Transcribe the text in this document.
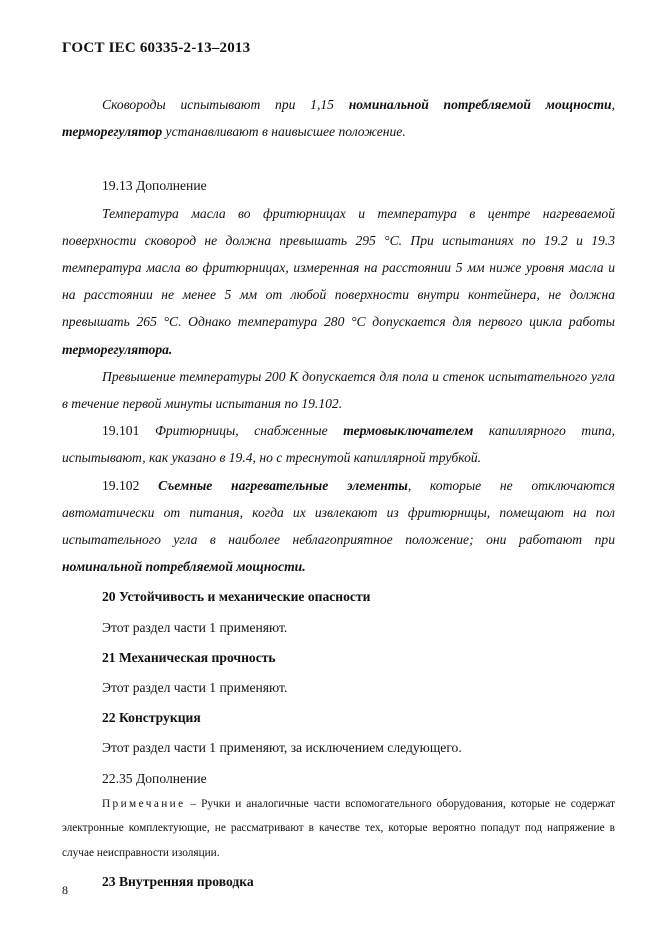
ГОСТ IEC 60335-2-13–2013

Сковороды испытывают при 1,15 номинальной потребляемой мощности, терморегулятор устанавливают в наивысшее положение.

19.13 Дополнение

Температура масла во фритюрницах и температура в центре нагреваемой поверхности сковород не должна превышать 295 °C. При испытаниях по 19.2 и 19.3 температура масла во фритюрницах, измеренная на расстоянии 5 мм ниже уровня масла и на расстоянии не менее 5 мм от любой поверхности внутри контейнера, не должна превышать 265 °C. Однако температура 280 °C допускается для первого цикла работы терморегулятора.

Превышение температуры 200 K допускается для пола и стенок испытательного угла в течение первой минуты испытания по 19.102.

19.101 Фритюрницы, снабженные термовыключателем капиллярного типа, испытывают, как указано в 19.4, но с треснутой капиллярной трубкой.

19.102 Съемные нагревательные элементы, которые не отключаются автоматически от питания, когда их извлекают из фритюрницы, помещают на пол испытательного угла в наиболее неблагоприятное положение; они работают при номинальной потребляемой мощности.

20 Устойчивость и механические опасности

Этот раздел части 1 применяют.

21 Механическая прочность

Этот раздел части 1 применяют.

22 Конструкция

Этот раздел части 1 применяют, за исключением следующего.

22.35 Дополнение

Примечание – Ручки и аналогичные части вспомогательного оборудования, которые не содержат электронные комплектующие, не рассматривают в качестве тех, которые вероятно попадут под напряжение в случае неисправности изоляции.

23 Внутренняя проводка

8
